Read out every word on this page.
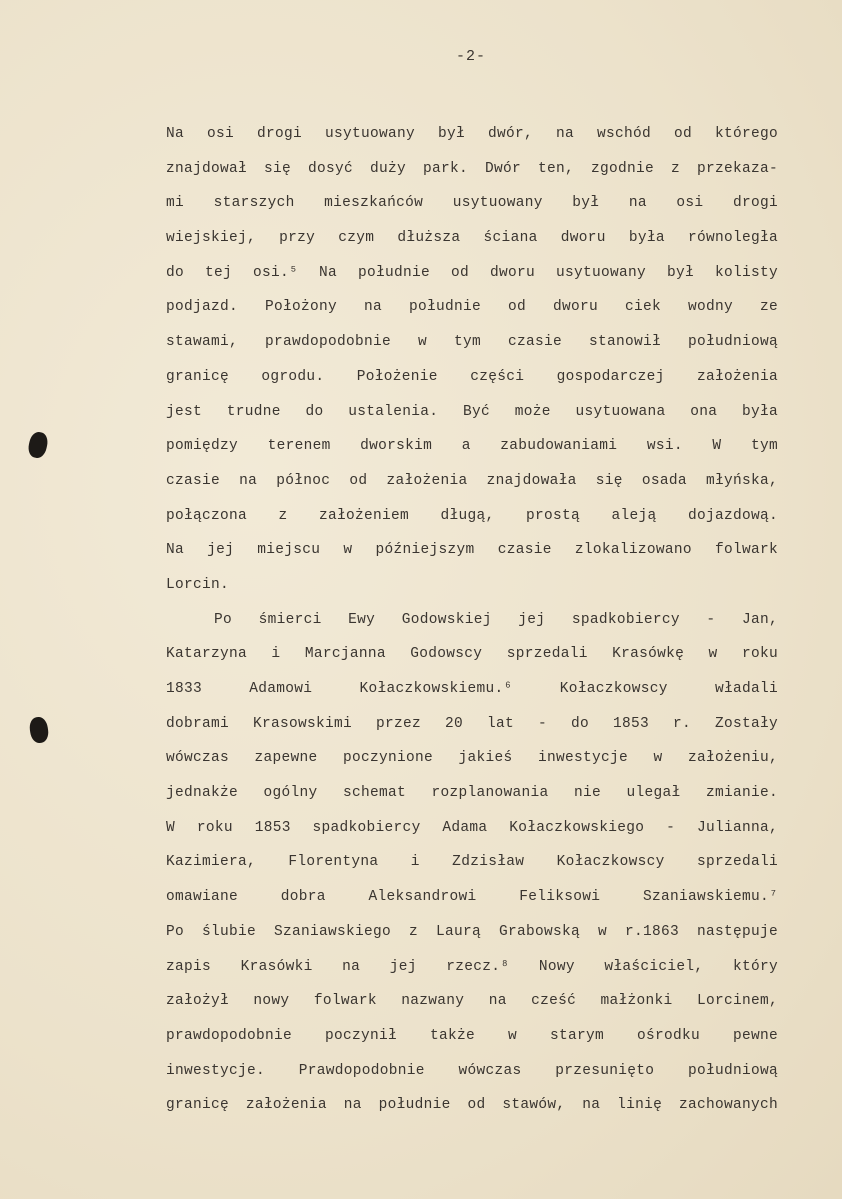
-2-
Na osi drogi usytuowany był dwór, na wschód od którego
znajdował się dosyć duży park. Dwór ten, zgodnie z przekaza-
mi starszych mieszkańców usytuowany był na osi drogi
wiejskiej, przy czym dłuższa ściana dworu była równoległa
do tej osi.⁵ Na południe od dworu usytuowany był kolisty
podjazd. Położony na południe od dworu ciek wodny ze
stawami, prawdopodobnie w tym czasie stanowił południową
granicę ogrodu. Położenie części gospodarczej założenia
jest trudne do ustalenia. Być może usytuowana ona była
pomiędzy terenem dworskim a zabudowaniami wsi. W tym
czasie na północ od założenia znajdowała się osada młyńska,
połączona z założeniem długą, prostą aleją dojazdową.
Na jej miejscu w późniejszym czasie zlokalizowano folwark
Lorcin.
Po śmierci Ewy Godowskiej jej spadkobiercy - Jan,
Katarzyna i Marcjanna Godowscy sprzedali Krasówkę w roku
1833 Adamowi Kołaczkowskiemu.⁶ Kołaczkowscy władali
dobrami Krasowskimi przez 20 lat - do 1853 r. Zostały
wówczas zapewne poczynione jakieś inwestycje w założeniu,
jednakże ogólny schemat rozplanowania nie ulegał zmianie.
W roku 1853 spadkobiercy Adama Kołaczkowskiego - Julianna,
Kazimiera, Florentyna i Zdzisław Kołaczkowscy sprzedali
omawiane dobra Aleksandrowi Feliksowi Szaniawskiemu.⁷
Po ślubie Szaniawskiego z Laurą Grabowską w r.1863 następuje
zapis Krasówki na jej rzecz.⁸ Nowy właściciel, który
założył nowy folwark nazwany na cześć małżonki Lorcinem,
prawdopodobnie poczynił także w starym ośrodku pewne
inwestycje. Prawdopodobnie wówczas przesunięto południową
granicę założenia na południe od stawów, na linię zachowanych
